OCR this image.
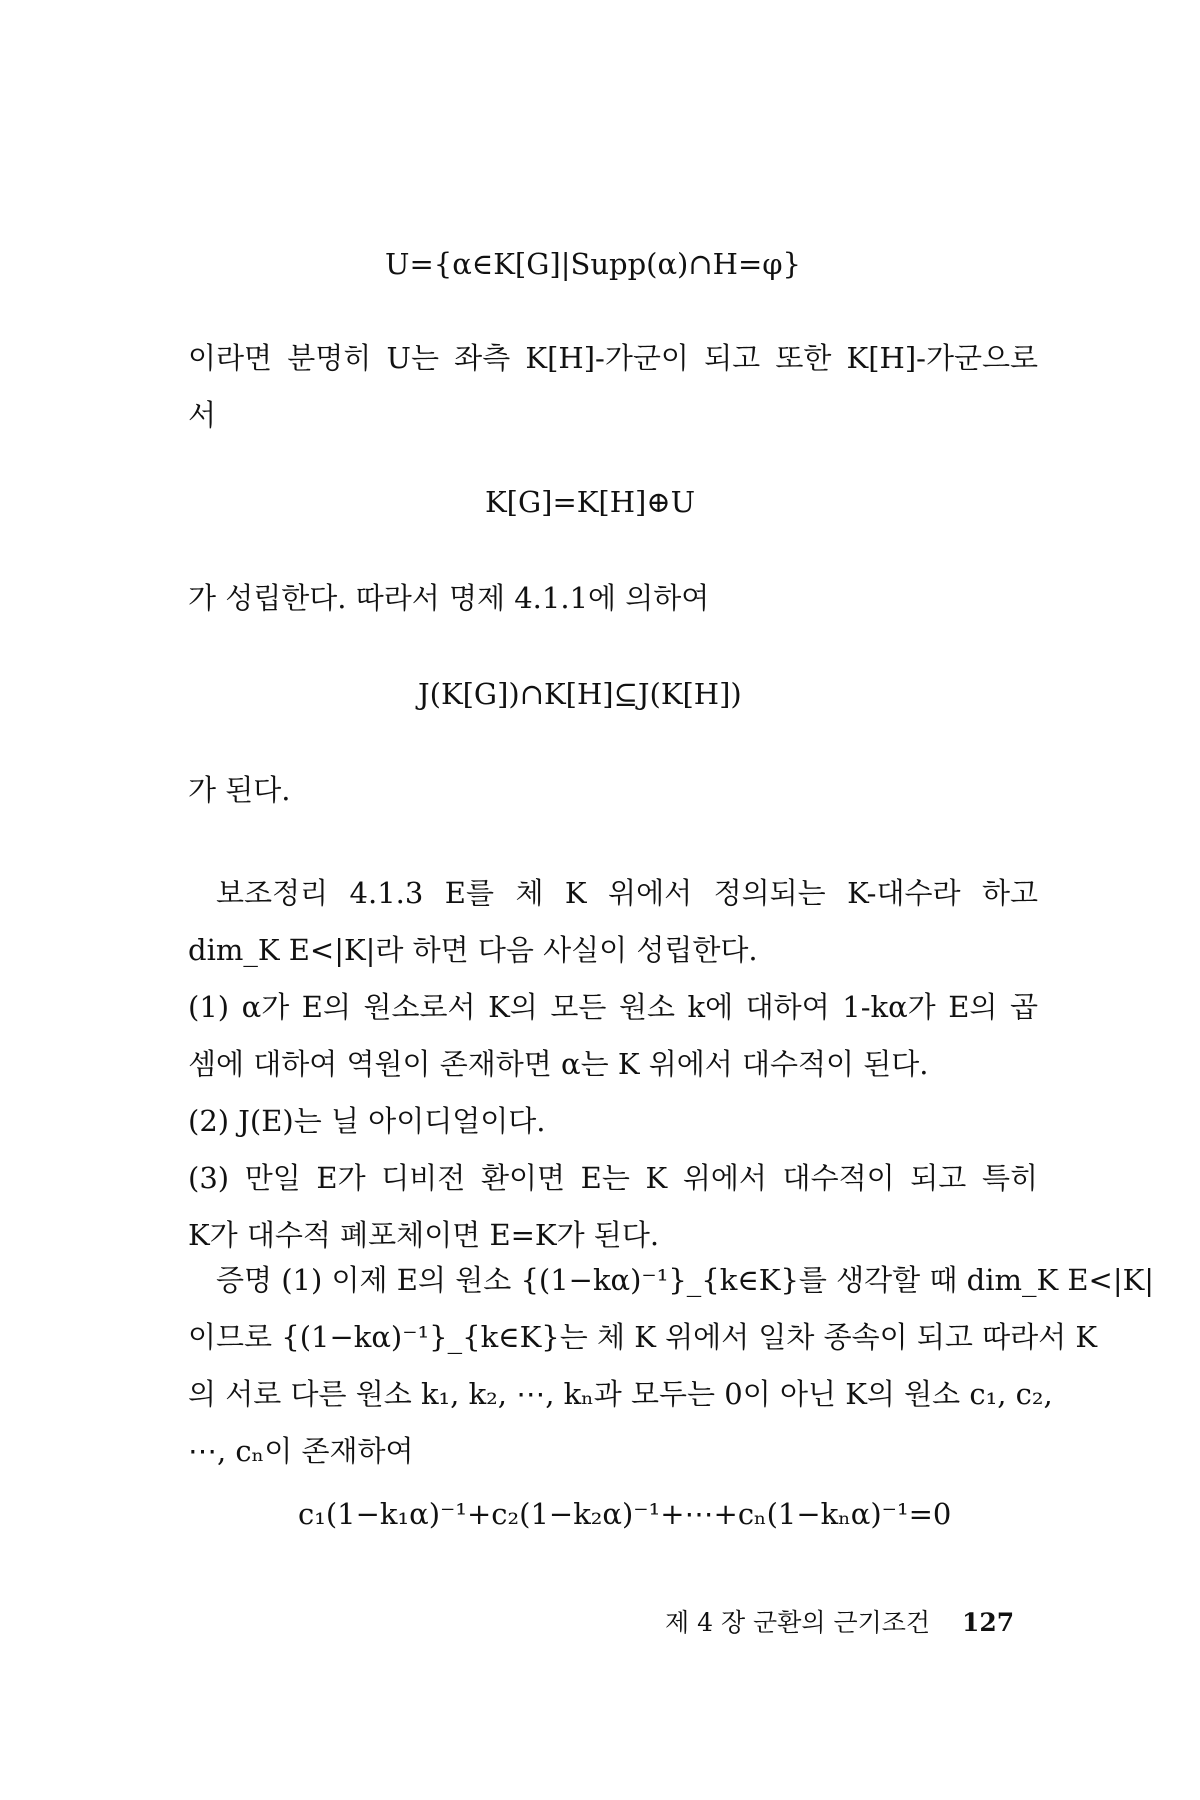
U={α∈K[G]|Supp(α)∩H=φ}
이라면 분명히 U는 좌측 K[H]-가군이 되고 또한 K[H]-가군으로
서
K[G]=K[H]⊕U
가 성립한다. 따라서 명제 4.1.1에 의하여
J(K[G])∩K[H]⊆J(K[H])
가 된다.
보조정리 4.1.3 E를 체 K 위에서 정의되는 K-대수라 하고
dim_K E<|K|라 하면 다음 사실이 성립한다.
(1) α가 E의 원소로서 K의 모든 원소 k에 대하여 1-kα가 E의 곱
셈에 대하여 역원이 존재하면 α는 K 위에서 대수적이 된다.
(2) J(E)는 닐 아이디얼이다.
(3) 만일 E가 디비전 환이면 E는 K 위에서 대수적이 되고 특히
K가 대수적 폐포체이면 E=K가 된다.
증명 (1) 이제 E의 원소 {(1−kα)⁻¹}_{k∈K}를 생각할 때 dim_K E<|K|
이므로 {(1−kα)⁻¹}_{k∈K}는 체 K 위에서 일차 종속이 되고 따라서 K
의 서로 다른 원소 k₁, k₂, ⋯, kₙ과 모두는 0이 아닌 K의 원소 c₁, c₂,
⋯, cₙ이 존재하여
c₁(1−k₁α)⁻¹+c₂(1−k₂α)⁻¹+⋯+cₙ(1−kₙα)⁻¹=0
제 4 장 군환의 근기조건 127
